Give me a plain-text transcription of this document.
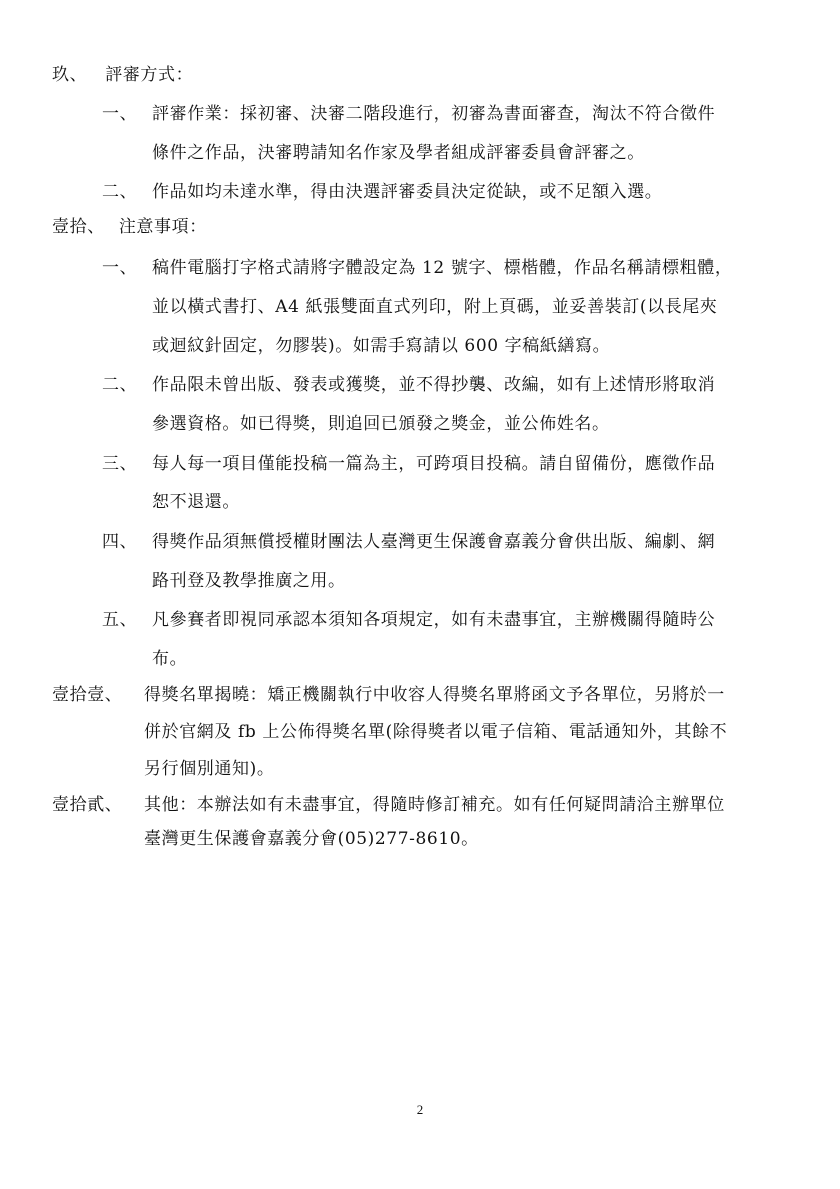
玖、 評審方式：
一、 評審作業：採初審、決審二階段進行，初審為書面審查，淘汰不符合徵件
條件之作品，決審聘請知名作家及學者組成評審委員會評審之。
二、 作品如均未達水準，得由決選評審委員決定從缺，或不足額入選。
壹拾、 注意事項：
一、 稿件電腦打字格式請將字體設定為 12 號字、標楷體，作品名稱請標粗體，
並以橫式書打、A4 紙張雙面直式列印，附上頁碼，並妥善裝訂(以長尾夾
或迴紋針固定，勿膠裝)。如需手寫請以 600 字稿紙繕寫。
二、 作品限未曾出版、發表或獲獎，並不得抄襲、改編，如有上述情形將取消
參選資格。如已得獎，則追回已頒發之獎金，並公佈姓名。
三、 每人每一項目僅能投稿一篇為主，可跨項目投稿。請自留備份，應徵作品
恕不退還。
四、 得獎作品須無償授權財團法人臺灣更生保護會嘉義分會供出版、編劇、網
路刊登及教學推廣之用。
五、 凡參賽者即視同承認本須知各項規定，如有未盡事宜，主辦機關得隨時公
布。
壹拾壹、 得獎名單揭曉：矯正機關執行中收容人得獎名單將函文予各單位，另將於一
併於官網及 fb 上公佈得獎名單(除得獎者以電子信箱、電話通知外，其餘不
另行個別通知)。
壹拾貳、 其他：本辦法如有未盡事宜，得隨時修訂補充。如有任何疑問請洽主辦單位
臺灣更生保護會嘉義分會(05)277-8610。
2
